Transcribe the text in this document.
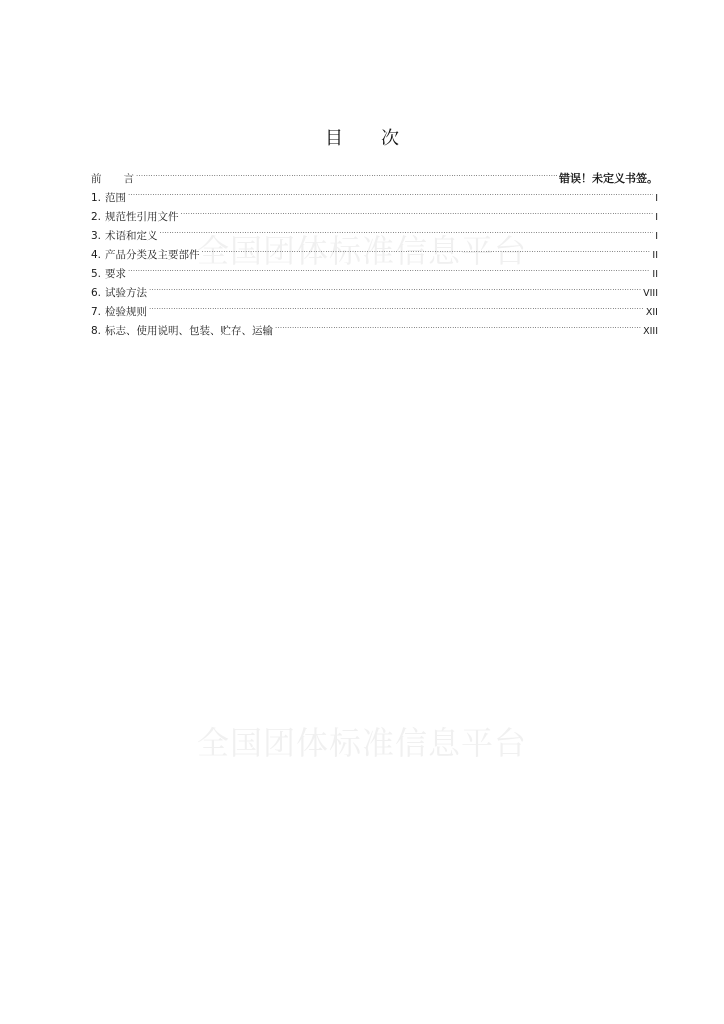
全国团体标准信息平台
全国团体标准信息平台
目 次
前 言 .....	错误！未定义书签。
1. 范围 .....	I
2. 规范性引用文件 .....	I
3. 术语和定义 .....	I
4. 产品分类及主要部件 .....	II
5. 要求 .....	II
6. 试验方法 .....	VIII
7. 检验规则 .....	XII
8. 标志、使用说明、包装、贮存、运输 .....	XIII
